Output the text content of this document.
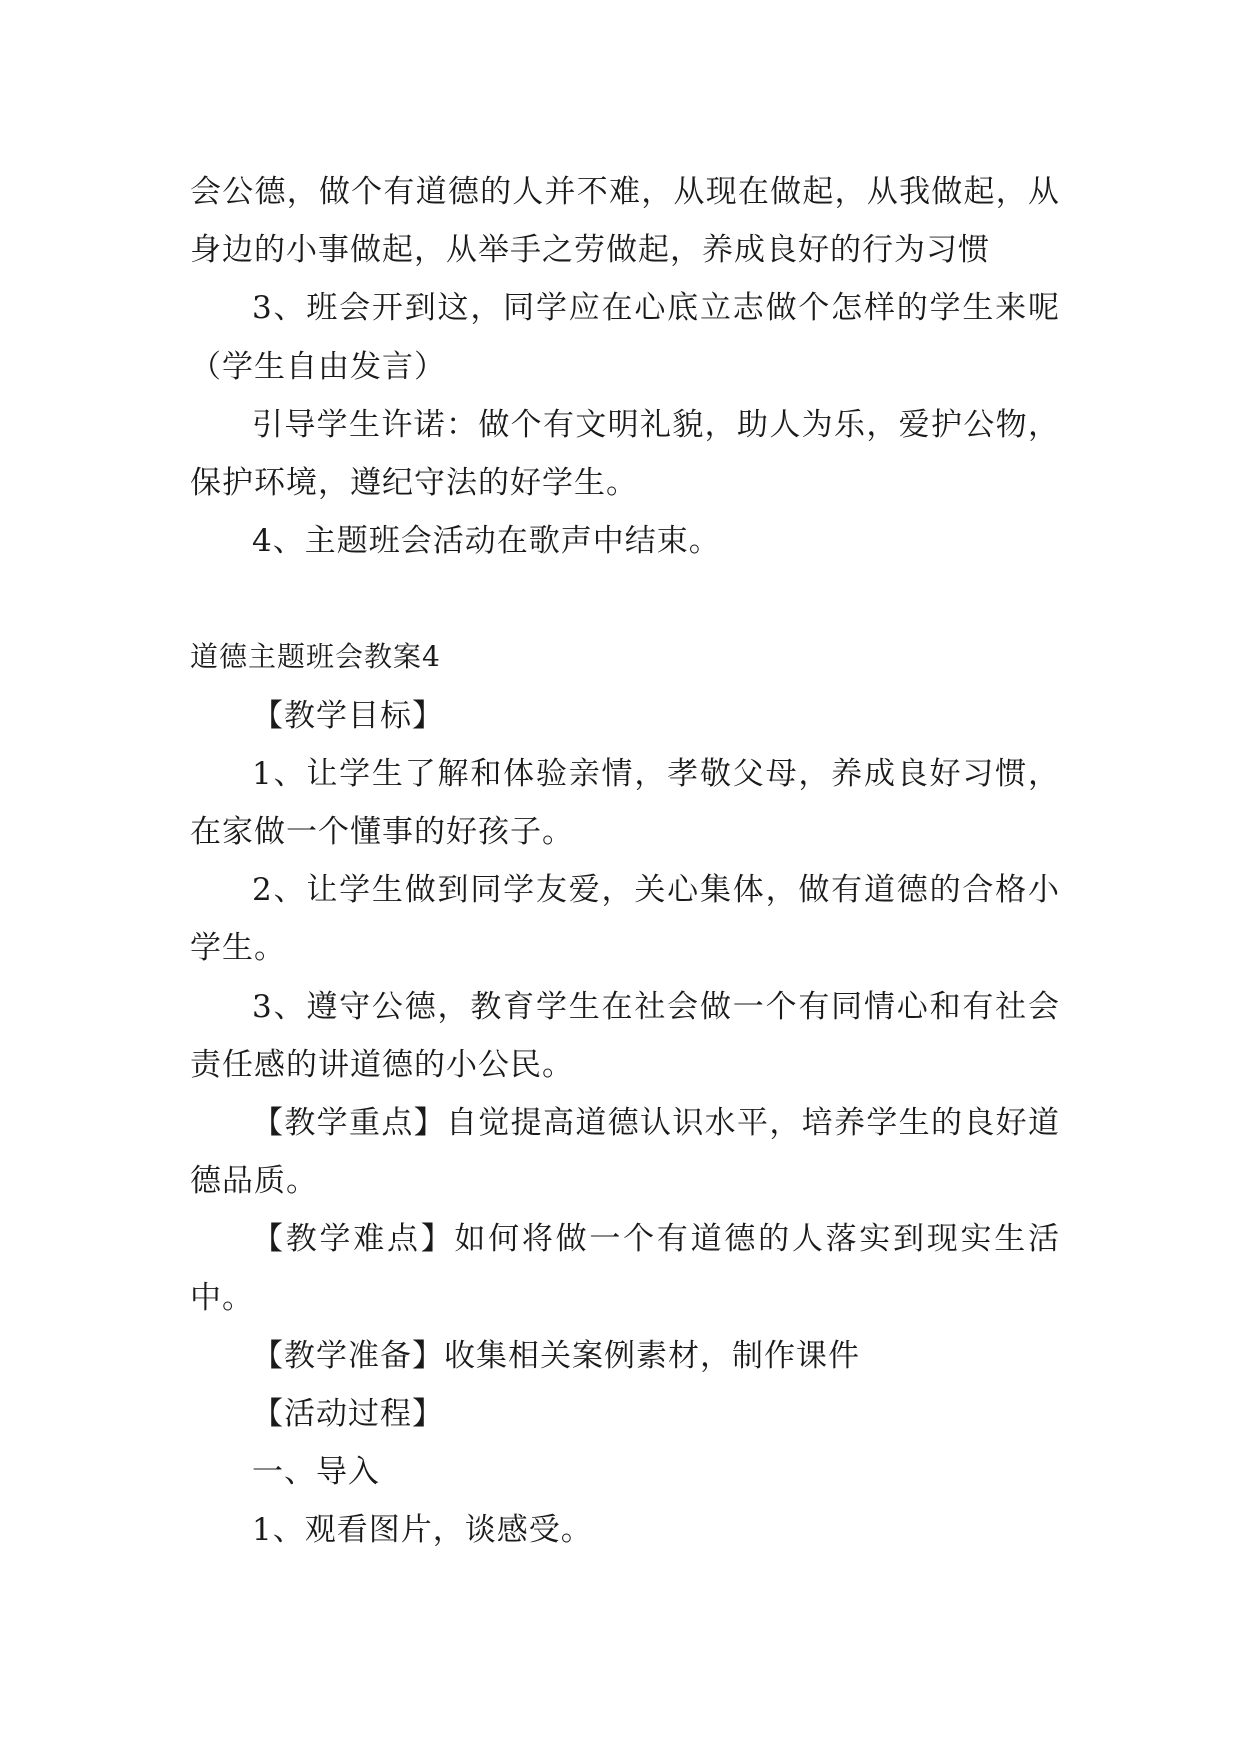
会公德，做个有道德的人并不难，从现在做起，从我做起，从身边的小事做起，从举手之劳做起，养成良好的行为习惯

3、班会开到这，同学应在心底立志做个怎样的学生来呢（学生自由发言）

引导学生许诺：做个有文明礼貌，助人为乐，爱护公物，保护环境，遵纪守法的好学生。

4、主题班会活动在歌声中结束。

道德主题班会教案4

【教学目标】

1、让学生了解和体验亲情，孝敬父母，养成良好习惯，在家做一个懂事的好孩子。

2、让学生做到同学友爱，关心集体，做有道德的合格小学生。

3、遵守公德，教育学生在社会做一个有同情心和有社会责任感的讲道德的小公民。

【教学重点】自觉提高道德认识水平，培养学生的良好道德品质。

【教学难点】如何将做一个有道德的人落实到现实生活中。

【教学准备】收集相关案例素材，制作课件

【活动过程】

一、导入

1、观看图片，谈感受。
